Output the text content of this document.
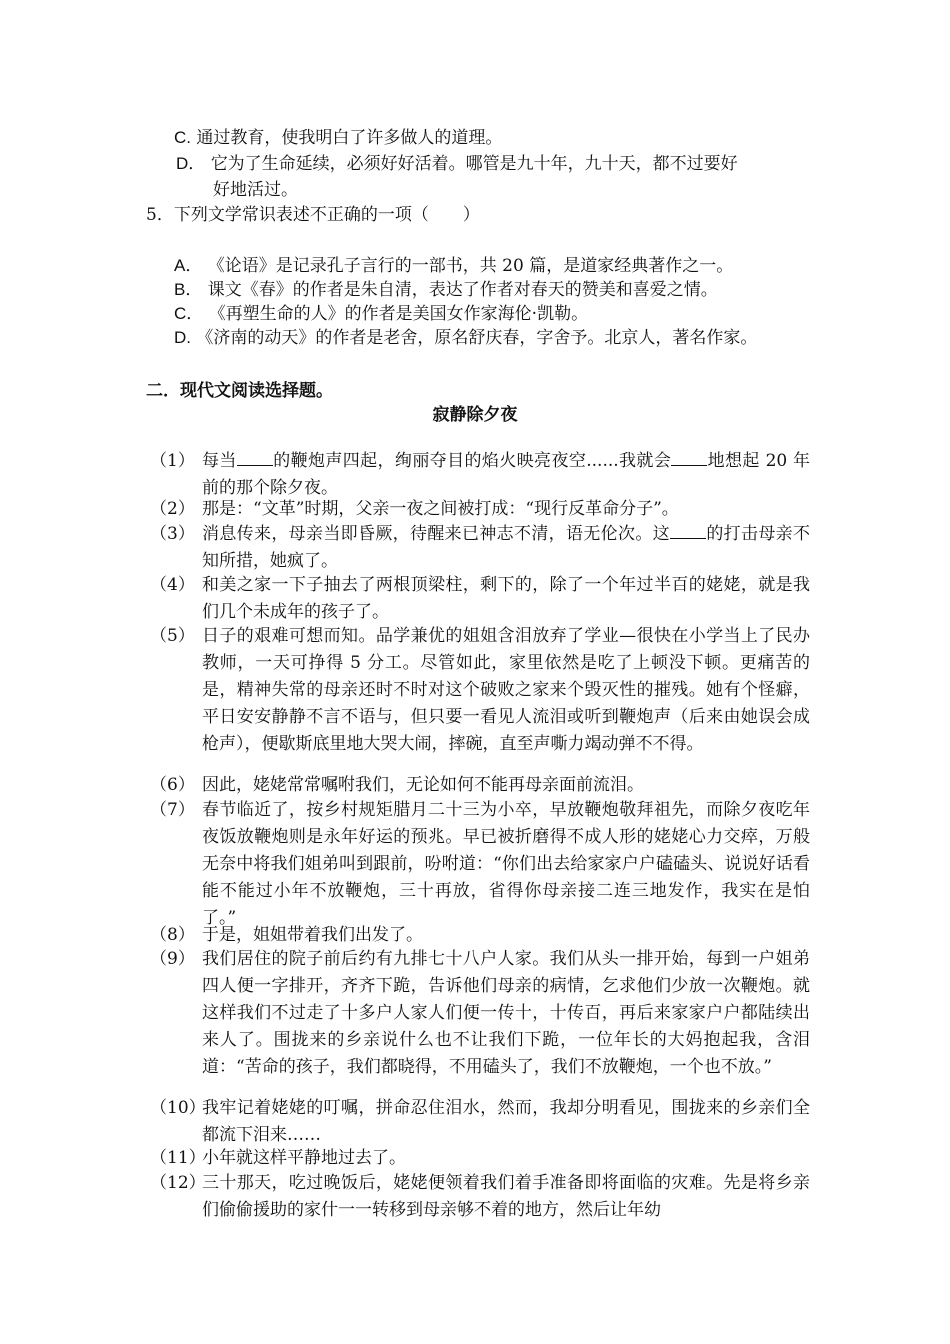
C. 通过教育，使我明白了许多做人的道理。
D． 它为了生命延续，必须好好活着。哪管是九十年，九十天，都不过要好
好地活过。
5．下列文学常识表述不正确的一项（　　）
A． 《论语》是记录孔子言行的一部书，共 20 篇，是道家经典著作之一。
B． 课文《春》的作者是朱自清，表达了作者对春天的赞美和喜爱之情。
C． 《再塑生命的人》的作者是美国女作家海伦·凯勒。
D. 《济南的动天》的作者是老舍，原名舒庆春，字舍予。北京人，著名作家。
二．现代文阅读选择题。
寂静除夕夜
（1） 每当 的鞭炮声四起，绚丽夺目的焰火映亮夜空......我就会 地想起 20 年前的那个除夕夜。
（2） 那是：“文革”时期，父亲一夜之间被打成：“现行反革命分子”。
（3） 消息传来，母亲当即昏厥，待醒来已神志不清，语无伦次。这 的打击母亲不知所措，她疯了。
（4） 和美之家一下子抽去了两根顶梁柱，剩下的，除了一个年过半百的姥姥，就是我们几个未成年的孩子了。
（5） 日子的艰难可想而知。品学兼优的姐姐含泪放弃了学业—很快在小学当上了民办教师，一天可挣得 5 分工。尽管如此，家里依然是吃了上顿没下顿。更痛苦的是，精神失常的母亲还时不时对这个破败之家来个毁灭性的摧残。她有个怪癖，平日安安静静不言不语与，但只要一看见人流泪或听到鞭炮声（后来由她误会成枪声），便歇斯底里地大哭大闹，摔碗，直至声嘶力竭动弹不不得。
（6） 因此，姥姥常常嘱咐我们，无论如何不能再母亲面前流泪。
（7） 春节临近了，按乡村规矩腊月二十三为小卒，早放鞭炮敬拜祖先，而除夕夜吃年夜饭放鞭炮则是永年好运的预兆。早已被折磨得不成人形的姥姥心力交瘁，万般无奈中将我们姐弟叫到跟前，吩咐道：“你们出去给家家户户磕磕头、说说好话看能不能过小年不放鞭炮，三十再放，省得你母亲接二连三地发作，我实在是怕了。”
（8） 于是，姐姐带着我们出发了。
（9） 我们居住的院子前后约有九排七十八户人家。我们从头一排开始，每到一户姐弟四人便一字排开，齐齐下跪，告诉他们母亲的病情，乞求他们少放一次鞭炮。就这样我们不过走了十多户人家人们便一传十，十传百，再后来家家户户都陆续出来人了。围拢来的乡亲说什么也不让我们下跪，一位年长的大妈抱起我，含泪道：“苦命的孩子，我们都晓得，不用磕头了，我们不放鞭炮，一个也不放。”
（10）
我牢记着姥姥的叮嘱，拼命忍住泪水，然而，我却分明看见，围拢来的乡亲们全都流下泪来……
（11）
小年就这样平静地过去了。
（12）
三十那天，吃过晚饭后，姥姥便领着我们着手准备即将面临的灾难。先是将乡亲们偷偷援助的家什一一转移到母亲够不着的地方，然后让年幼
